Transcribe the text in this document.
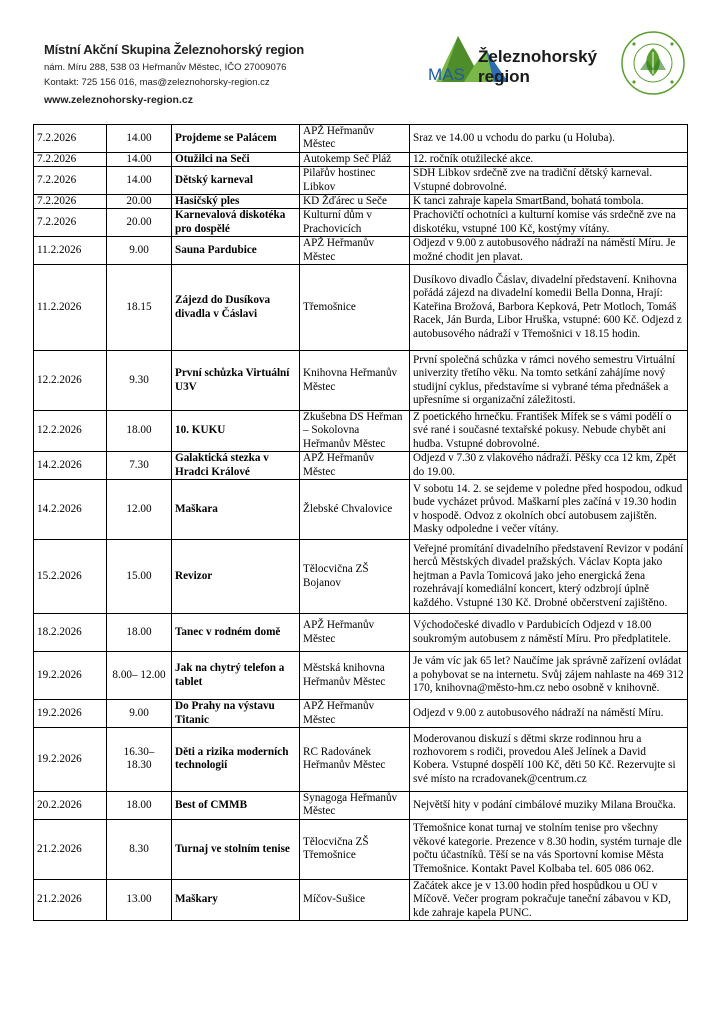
Místní Akční Skupina Železnohorský region
nám. Míru 288, 538 03 Heřmanův Městec, IČO 27009076
Kontakt: 725 156 016, mas@zeleznohorsky-region.cz
www.zeleznohorsky-region.cz
MAS
Železnohorský
region
7.2.2026	14.00	Projdeme se Palácem	APŽ Heřmanův Městec	Sraz ve 14.00 u vchodu do parku (u Holuba).
7.2.2026	14.00	Otužilci na Seči	Autokemp Seč Pláž	12. ročník otužilecké akce.
7.2.2026	14.00	Dětský karneval	Pilařův hostinec Libkov	SDH Libkov srdečně zve na tradiční dětský karneval. Vstupné dobrovolné.
7.2.2026	20.00	Hasičský ples	KD Žďárec u Seče	K tanci zahraje kapela SmartBand, bohatá tombola.
7.2.2026	20.00	Karnevalová diskotéka pro dospělé	Kulturní dům v Prachovicích	Prachovičtí ochotníci a kulturní komise vás srdečně zve na diskotéku, vstupné 100 Kč, kostýmy vítány.
11.2.2026	9.00	Sauna Pardubice	APŽ Heřmanův Městec	Odjezd v 9.00 z autobusového nádraží na náměstí Míru. Je možné chodit jen plavat.
11.2.2026	18.15	Zájezd do Dusíkova divadla v Čáslavi	Třemošnice	Dusíkovo divadlo Čáslav, divadelní představení. Knihovna pořádá zájezd na divadelní komedii Bella Donna, Hrají: Kateřina Brožová, Barbora Kepková, Petr Motloch, Tomáš Racek, Ján Burda, Libor Hruška, vstupné: 600 Kč. Odjezd z autobusového nádraží v Třemošnici v 18.15 hodin.
12.2.2026	9.30	První schůzka Virtuální U3V	Knihovna Heřmanův Městec	První společná schůzka v rámci nového semestru Virtuální univerzity třetího věku. Na tomto setkání zahájíme nový studijní cyklus, představíme si vybrané téma přednášek a upřesníme si organizační záležitosti.
12.2.2026	18.00	10. KUKU	Zkušebna DS Heřman – Sokolovna Heřmanův Městec	Z poetického hrnečku. František Mífek se s vámi podělí o své rané i současné textařské pokusy. Nebude chybět ani hudba. Vstupné dobrovolné.
14.2.2026	7.30	Galaktická stezka v Hradci Králové	APŽ Heřmanův Městec	Odjezd v 7.30 z vlakového nádraží. Pěšky cca 12 km, Zpět do 19.00.
14.2.2026	12.00	Maškara	Žlebské Chvalovice	V sobotu 14. 2. se sejdeme v poledne před hospodou, odkud bude vycházet průvod. Maškarní ples začíná v 19.30 hodin v hospodě. Odvoz z okolních obcí autobusem zajištěn. Masky odpoledne i večer vítány.
15.2.2026	15.00	Revizor	Tělocvična ZŠ Bojanov	Veřejné promítání divadelního představení Revizor v podání herců Městských divadel pražských. Václav Kopta jako hejtman a Pavla Tomicová jako jeho energická žena rozehrávají komediální koncert, který odzbrojí úplně každého. Vstupné 130 Kč. Drobné občerstvení zajištěno.
18.2.2026	18.00	Tanec v rodném domě	APŽ Heřmanův Městec	Východočeské divadlo v Pardubicích Odjezd v 18.00 soukromým autobusem z náměstí Míru. Pro předplatitele.
19.2.2026	8.00– 12.00	Jak na chytrý telefon a tablet	Městská knihovna Heřmanův Městec	Je vám víc jak 65 let? Naučíme jak správně zařízení ovládat a pohybovat se na internetu. Svůj zájem nahlaste na 469 312 170, knihovna@město-hm.cz nebo osobně v knihovně.
19.2.2026	9.00	Do Prahy na výstavu Titanic	APŽ Heřmanův Městec	Odjezd v 9.00 z autobusového nádraží na náměstí Míru.
19.2.2026	16.30– 18.30	Děti a rizika moderních technologií	RC Radovánek Heřmanův Městec	Moderovanou diskuzí s dětmi skrze rodinnou hru a rozhovorem s rodiči, provedou Aleš Jelínek a David Kobera. Vstupné dospělí 100 Kč, děti 50 Kč. Rezervujte si své místo na rcradovanek@centrum.cz
20.2.2026	18.00	Best of CMMB	Synagoga Heřmanův Městec	Největší hity v podání cimbálové muziky Milana Broučka.
21.2.2026	8.30	Turnaj ve stolním tenise	Tělocvična ZŠ Třemošnice	Třemošnice konat turnaj ve stolním tenise pro všechny věkové kategorie. Prezence v 8.30 hodin, systém turnaje dle počtu účastníků. Těší se na vás Sportovní komise Města Třemošnice. Kontakt Pavel Kolbaba tel. 605 086 062.
21.2.2026	13.00	Maškary	Míčov-Sušice	Začátek akce je v 13.00 hodin před hospůdkou u OÚ v Míčově. Večer program pokračuje taneční zábavou v KD, kde zahraje kapela PUNC.
